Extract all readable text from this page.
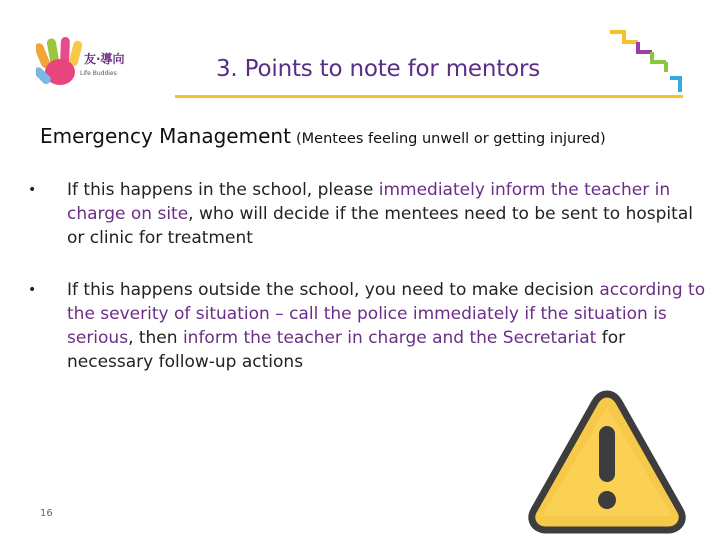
友·導向
Life Buddies	3. Points to note for mentors
Emergency Management (Mentees feeling unwell or getting injured)
• If this happens in the school, please immediately inform the teacher in charge on site, who will decide if the mentees need to be sent to hospital or clinic for treatment
• If this happens outside the school, you need to make decision according to the severity of situation – call the police immediately if the situation is serious, then inform the teacher in charge and the Secretariat for necessary follow-up actions
16
